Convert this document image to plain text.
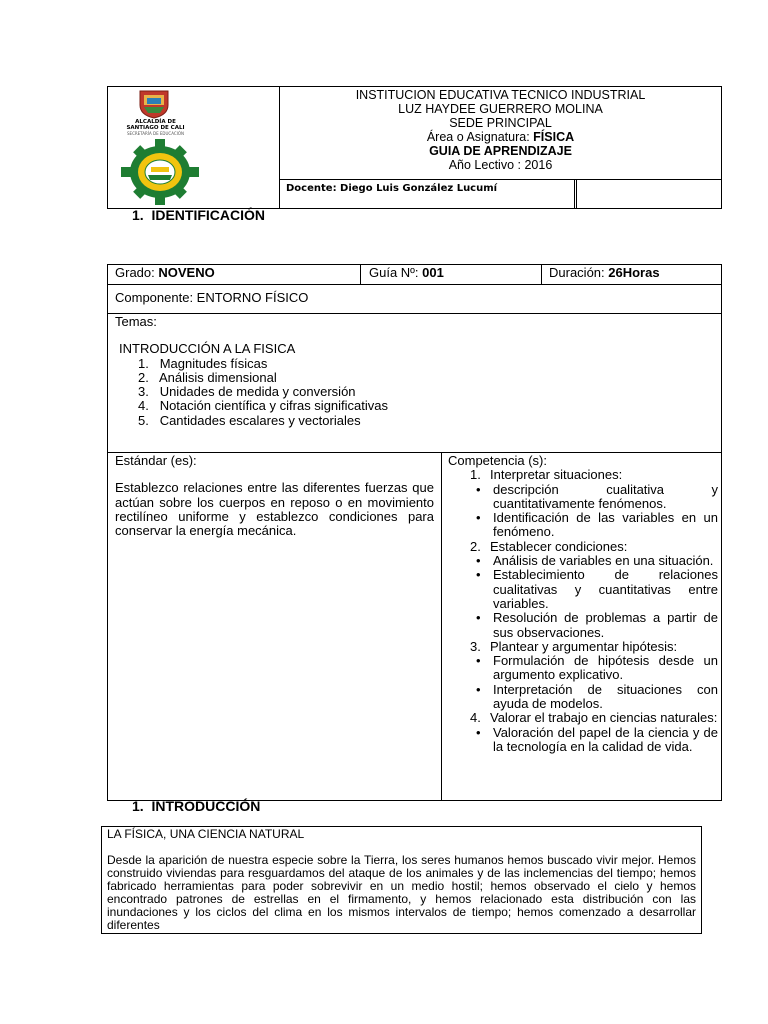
ALCALDÍA DE
SANTIAGO DE CALI
SECRETARÍA DE EDUCACIÓN
INSTITUCION EDUCATIVA TECNICO INDUSTRIAL
LUZ HAYDEE GUERRERO MOLINA
SEDE PRINCIPAL
Área o Asignatura: FÍSICA
GUIA DE APRENDIZAJE
Año Lectivo : 2016
Docente: Diego Luis González Lucumí
1. IDENTIFICACIÓN
Grado: NOVENO	Guía Nº: 001	Duración: 26Horas
Componente: ENTORNO FÍSICO
Temas:
INTRODUCCIÓN A LA FISICA
1.   Magnitudes físicas
2.   Análisis dimensional
3.   Unidades de medida y conversión
4.   Notación científica y cifras significativas
5.   Cantidades escalares y vectoriales
Estándar (es):
Establezco relaciones entre las diferentes fuerzas que actúan sobre los cuerpos en reposo o en movimiento rectilíneo uniforme y establezco condiciones para conservar la energía mecánica.
Competencia (s):
1. Interpretar situaciones:
• descripción cualitativa y cuantitativamente fenómenos.
• Identificación de las variables en un fenómeno.
2. Establecer condiciones:
• Análisis de variables en una situación.
• Establecimiento de relaciones cualitativas y cuantitativas entre variables.
• Resolución de problemas a partir de sus observaciones.
3. Plantear y argumentar hipótesis:
• Formulación de hipótesis desde un argumento explicativo.
• Interpretación de situaciones con ayuda de modelos.
4. Valorar el trabajo en ciencias naturales:
• Valoración del papel de la ciencia y de la tecnología en la calidad de vida.
1. INTRODUCCIÓN
LA FÍSICA, UNA CIENCIA NATURAL
Desde la aparición de nuestra especie sobre la Tierra, los seres humanos hemos buscado vivir mejor. Hemos construido viviendas para resguardamos del ataque de los animales y de las inclemencias del tiempo; hemos fabricado herramientas para poder sobrevivir en un medio hostil; hemos observado el cielo y hemos encontrado patrones de estrellas en el firmamento, y hemos relacionado esta distribución con las inundaciones y los ciclos del clima en los mismos intervalos de tiempo; hemos comenzado a desarrollar diferentes
